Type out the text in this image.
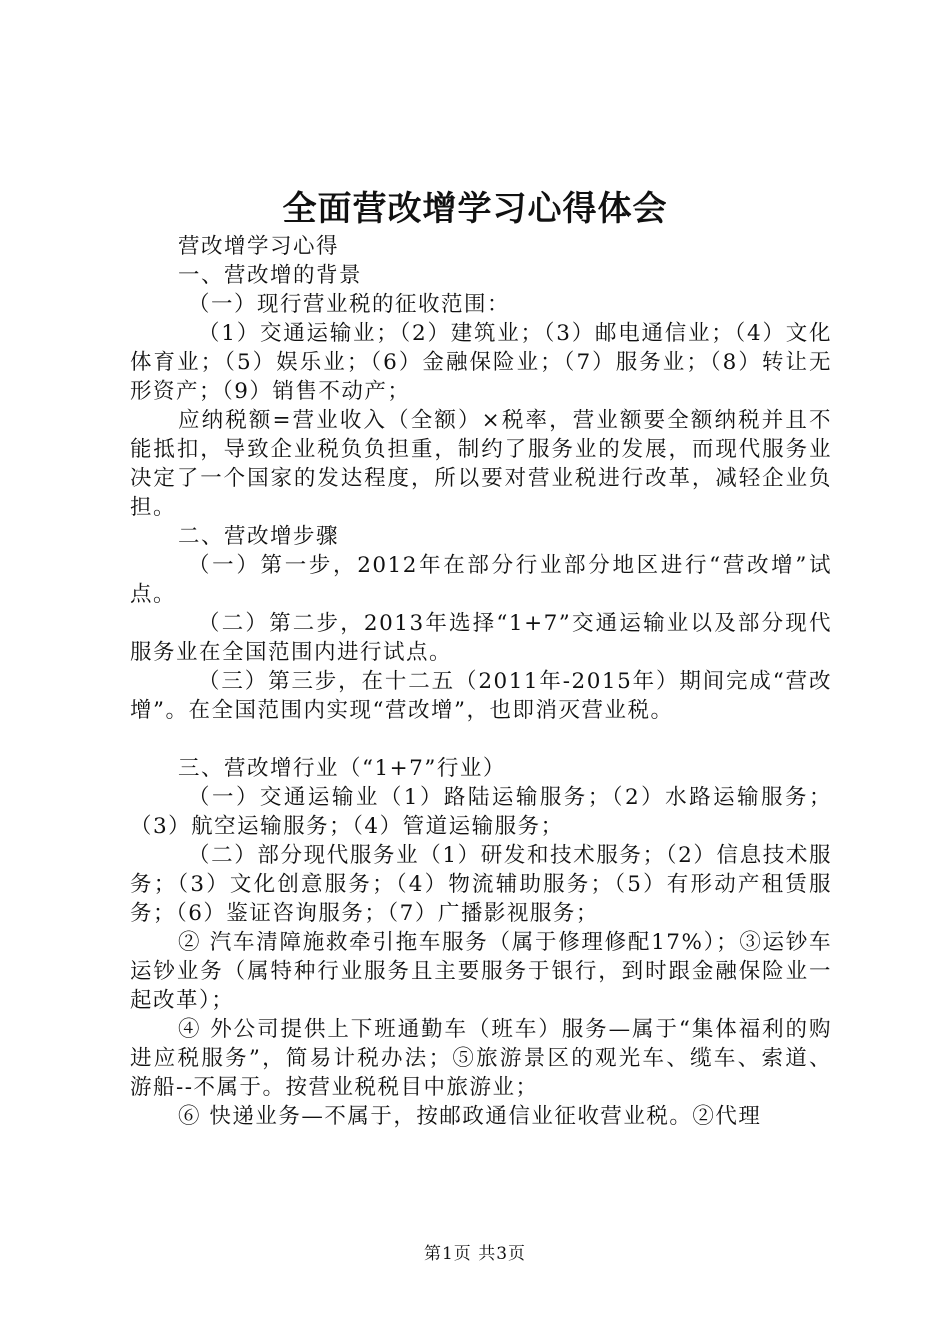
全面营改增学习心得体会

营改增学习心得

一、营改增的背景

（一）现行营业税的征收范围：

（1）交通运输业；（2）建筑业；（3）邮电通信业；（4）文化体育业；（5）娱乐业；（6）金融保险业；（7）服务业；（8）转让无形资产；（9）销售不动产；

应纳税额=营业收入（全额）×税率，营业额要全额纳税并且不能抵扣，导致企业税负负担重，制约了服务业的发展，而现代服务业决定了一个国家的发达程度，所以要对营业税进行改革，减轻企业负担。

二、营改增步骤

（一）第一步，2012年在部分行业部分地区进行“营改增”试点。

（二）第二步，2013年选择“1+7”交通运输业以及部分现代服务业在全国范围内进行试点。

（三）第三步，在十二五（2011年-2015年）期间完成“营改增”。在全国范围内实现“营改增”，也即消灭营业税。

三、营改增行业（“1+7”行业）

（一）交通运输业（1）路陆运输服务；（2）水路运输服务；（3）航空运输服务；（4）管道运输服务；

（二）部分现代服务业（1）研发和技术服务；（2）信息技术服务；（3）文化创意服务；（4）物流辅助服务；（5）有形动产租赁服务；（6）鉴证咨询服务；（7）广播影视服务；

② 汽车清障施救牵引拖车服务（属于修理修配17%）；③运钞车运钞业务（属特种行业服务且主要服务于银行，到时跟金融保险业一起改革）；

④ 外公司提供上下班通勤车（班车）服务—属于“集体福利的购进应税服务”，简易计税办法；⑤旅游景区的观光车、缆车、索道、游船--不属于。按营业税税目中旅游业；

⑥ 快递业务—不属于，按邮政通信业征收营业税。②代理

第1页 共3页
